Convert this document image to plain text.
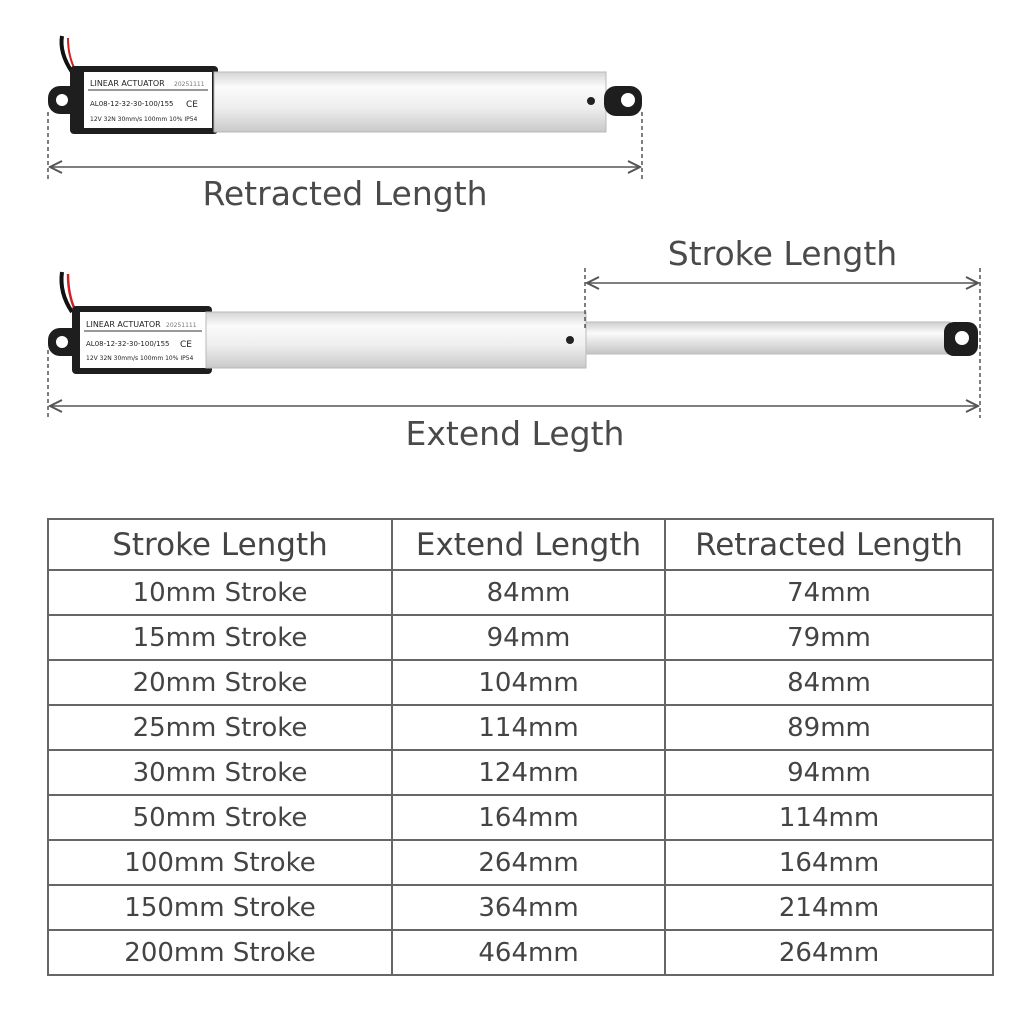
LINEAR ACTUATOR 20251111
AL08-12-32-30-100/155 CE
12V 32N 30mm/s 100mm 10% IP54
LINEAR ACTUATOR 20251111
AL08-12-32-30-100/155 CE
12V 32N 30mm/s 100mm 10% IP54
Retracted Length
Stroke Length
Extend Legth
Stroke Length	Extend Length	Retracted Length
10mm Stroke	84mm	74mm
15mm Stroke	94mm	79mm
20mm Stroke	104mm	84mm
25mm Stroke	114mm	89mm
30mm Stroke	124mm	94mm
50mm Stroke	164mm	114mm
100mm Stroke	264mm	164mm
150mm Stroke	364mm	214mm
200mm Stroke	464mm	264mm
